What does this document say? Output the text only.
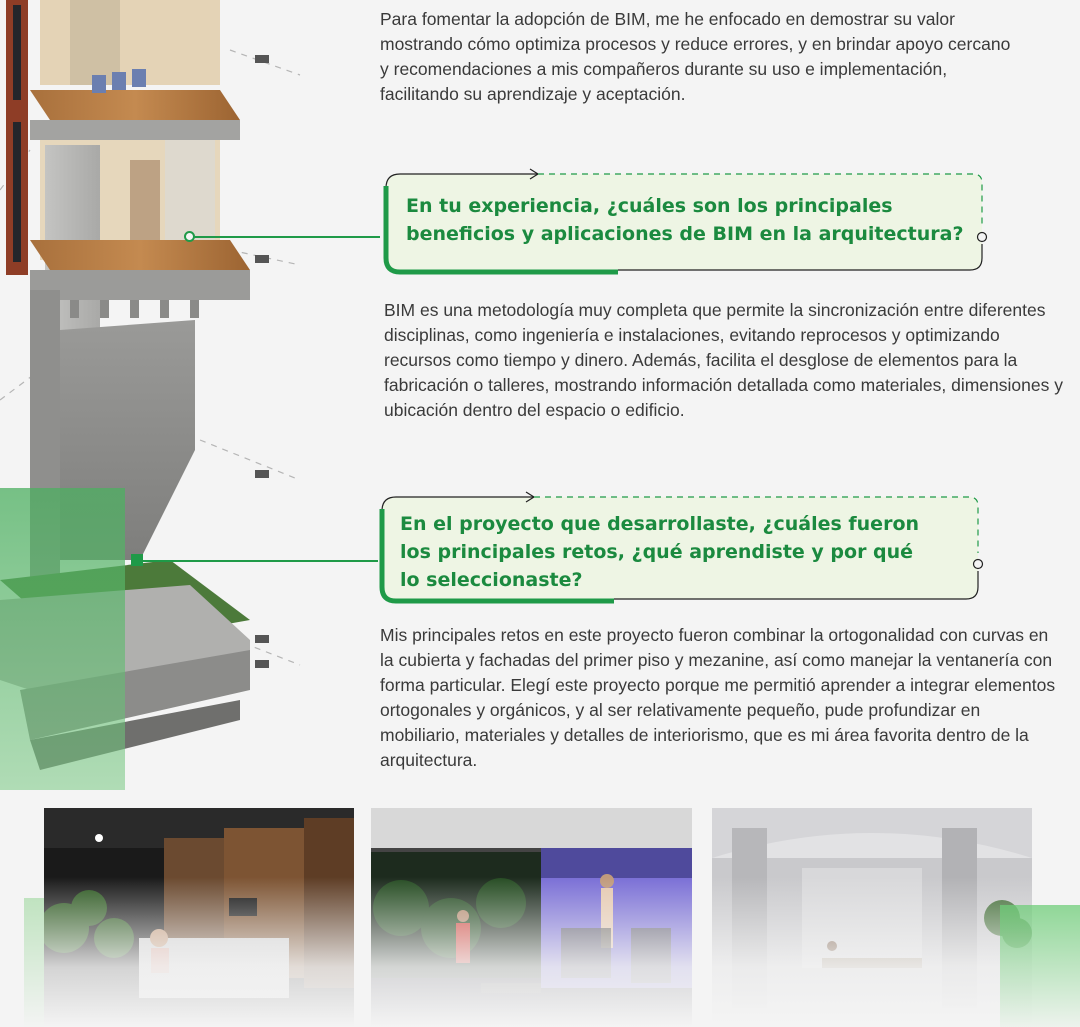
Para fomentar la adopción de BIM, me he enfocado en demostrar su valor mostrando cómo optimiza procesos y reduce errores, y en brindar apoyo cercano y recomendaciones a mis compañeros durante su uso e implementación, facilitando su aprendizaje y aceptación.

En tu experiencia, ¿cuáles son los principales beneficios y aplicaciones de BIM en la arquitectura?

BIM es una metodología muy completa que permite la sincronización entre diferentes disciplinas, como ingeniería e instalaciones, evitando reprocesos y optimizando recursos como tiempo y dinero. Además, facilita el desglose de elementos para la fabricación o talleres, mostrando información detallada como materiales, dimensiones y ubicación dentro del espacio o edificio.

En el proyecto que desarrollaste, ¿cuáles fueron los principales retos, ¿qué aprendiste y por qué lo seleccionaste?

Mis principales retos en este proyecto fueron combinar la ortogonalidad con curvas en la cubierta y fachadas del primer piso y mezanine, así como manejar la ventanería con forma particular. Elegí este proyecto porque me permitió aprender a integrar elementos ortogonales y orgánicos, y al ser relativamente pequeño, pude profundizar en mobiliario, materiales y detalles de interiorismo, que es mi área favorita dentro de la arquitectura.
